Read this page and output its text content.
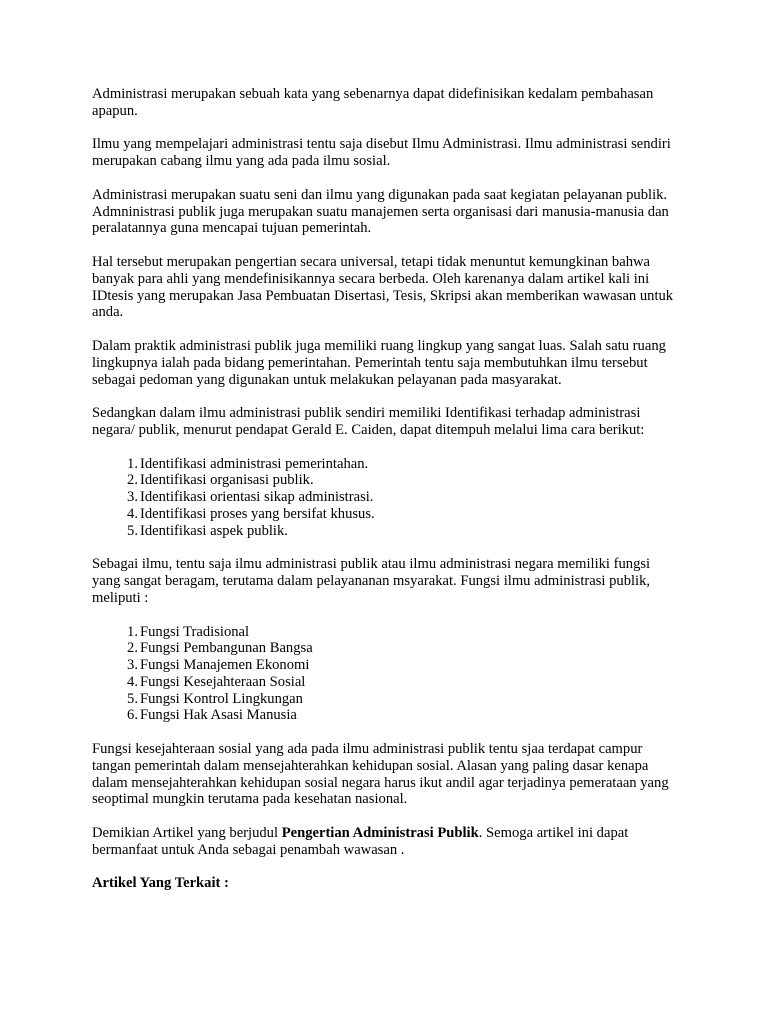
Administrasi merupakan sebuah kata yang sebenarnya dapat didefinisikan kedalam pembahasan apapun.

Ilmu yang mempelajari administrasi tentu saja disebut Ilmu Administrasi. Ilmu administrasi sendiri merupakan cabang ilmu yang ada pada ilmu sosial.

Administrasi merupakan suatu seni dan ilmu yang digunakan pada saat kegiatan pelayanan publik. Admninistrasi publik juga merupakan suatu manajemen serta organisasi dari manusia-manusia dan peralatannya guna mencapai tujuan pemerintah.

Hal tersebut merupakan pengertian secara universal, tetapi tidak menuntut kemungkinan bahwa banyak para ahli yang mendefinisikannya secara berbeda. Oleh karenanya dalam artikel kali ini IDtesis yang merupakan Jasa Pembuatan Disertasi, Tesis, Skripsi akan memberikan wawasan untuk anda.

Dalam praktik administrasi publik juga memiliki ruang lingkup yang sangat luas. Salah satu ruang lingkupnya ialah pada bidang pemerintahan. Pemerintah tentu saja membutuhkan ilmu tersebut sebagai pedoman yang digunakan untuk melakukan pelayanan pada masyarakat.

Sedangkan dalam ilmu administrasi publik sendiri memiliki Identifikasi terhadap administrasi negara/ publik, menurut pendapat Gerald E. Caiden, dapat ditempuh melalui lima cara berikut:

1. Identifikasi administrasi pemerintahan.
2. Identifikasi organisasi publik.
3. Identifikasi orientasi sikap administrasi.
4. Identifikasi proses yang bersifat khusus.
5. Identifikasi aspek publik.

Sebagai ilmu, tentu saja ilmu administrasi publik atau ilmu administrasi negara memiliki fungsi yang sangat beragam, terutama dalam pelayananan msyarakat. Fungsi ilmu administrasi publik, meliputi :

1. Fungsi Tradisional
2. Fungsi Pembangunan Bangsa
3. Fungsi Manajemen Ekonomi
4. Fungsi Kesejahteraan Sosial
5. Fungsi Kontrol Lingkungan
6. Fungsi Hak Asasi Manusia

Fungsi kesejahteraan sosial yang ada pada ilmu administrasi publik tentu sjaa terdapat campur tangan pemerintah dalam mensejahterahkan kehidupan sosial. Alasan yang paling dasar kenapa dalam mensejahterahkan kehidupan sosial negara harus ikut andil agar terjadinya pemerataan yang seoptimal mungkin terutama pada kesehatan nasional.

Demikian Artikel yang berjudul Pengertian Administrasi Publik. Semoga artikel ini dapat bermanfaat untuk Anda sebagai penambah wawasan .

Artikel Yang Terkait :
